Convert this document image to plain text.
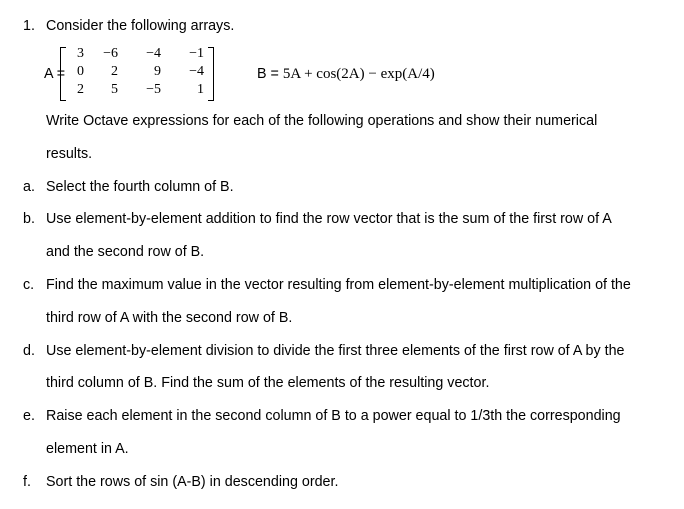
1. Consider the following arrays.
A =
3	−6	−4	−1
0	2	9	−4
2	5	−5	1
B = 5A + cos(2A) − exp(A/4)
Write Octave expressions for each of the following operations and show their numerical
results.
a. Select the fourth column of B.
b. Use element-by-element addition to find the row vector that is the sum of the first row of A
and the second row of B.
c. Find the maximum value in the vector resulting from element-by-element multiplication of the
third row of A with the second row of B.
d. Use element-by-element division to divide the first three elements of the first row of A by the
third column of B. Find the sum of the elements of the resulting vector.
e. Raise each element in the second column of B to a power equal to 1/3th the corresponding
element in A.
f. Sort the rows of sin (A-B) in descending order.
